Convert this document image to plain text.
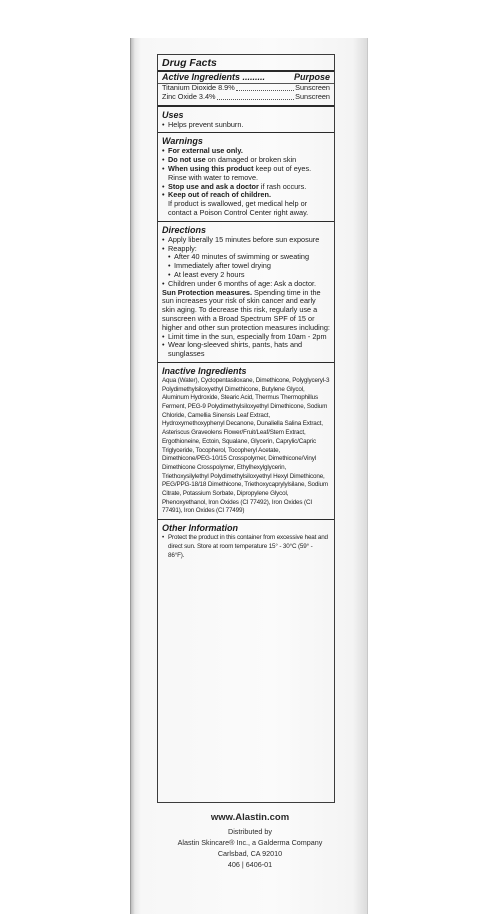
Drug Facts
Active Ingredients .........	Purpose
Titanium Dioxide 8.9%	Sunscreen
Zinc Oxide 3.4%	Sunscreen
Uses
• Helps prevent sunburn.
Warnings
• For external use only.
• Do not use on damaged or broken skin
• When using this product keep out of eyes. Rinse with water to remove.
• Stop use and ask a doctor if rash occurs.
• Keep out of reach of children.
If product is swallowed, get medical help or contact a Poison Control Center right away.
Directions
• Apply liberally 15 minutes before sun exposure
• Reapply:
• After 40 minutes of swimming or sweating
• Immediately after towel drying
• At least every 2 hours
• Children under 6 months of age: Ask a doctor.
Sun Protection measures. Spending time in the sun increases your risk of skin cancer and early skin aging. To decrease this risk, regularly use a sunscreen with a Broad Spectrum SPF of 15 or higher and other sun protection measures including:
• Limit time in the sun, especially from 10am - 2pm
• Wear long-sleeved shirts, pants, hats and sunglasses
Inactive Ingredients
Aqua (Water), Cyclopentasiloxane, Dimethicone, Polyglyceryl-3 Polydimethylsiloxyethyl Dimethicone, Butylene Glycol, Aluminum Hydroxide, Stearic Acid, Thermus Thermophillus Ferment, PEG-9 Polydimethylsiloxyethyl Dimethicone, Sodium Chloride, Camellia Sinensis Leaf Extract, Hydroxymethoxyphenyl Decanone, Dunaliella Salina Extract, Asteriscus Graveolens Flower/Fruit/Leaf/Stem Extract, Ergothioneine, Ectoin, Squalane, Glycerin, Caprylic/Capric Triglyceride, Tocopherol, Tocopheryl Acetate, Dimethicone/PEG-10/15 Crosspolymer, Dimethicone/Vinyl Dimethicone Crosspolymer, Ethylhexylglycerin, Triethoxysilylethyl Polydimethylsiloxyethyl Hexyl Dimethicone, PEG/PPG-18/18 Dimethicone, Triethoxycaprylylsilane, Sodium Citrate, Potassium Sorbate, Dipropylene Glycol, Phenoxyethanol, Iron Oxides (CI 77492), Iron Oxides (CI 77491), Iron Oxides (CI 77499)
Other Information
• Protect the product in this container from excessive heat and direct sun. Store at room temperature 15° - 30°C (59° - 86°F).
www.Alastin.com
Distributed by
Alastin Skincare® Inc., a Galderma Company
Carlsbad, CA 92010
406 | 6406-01
